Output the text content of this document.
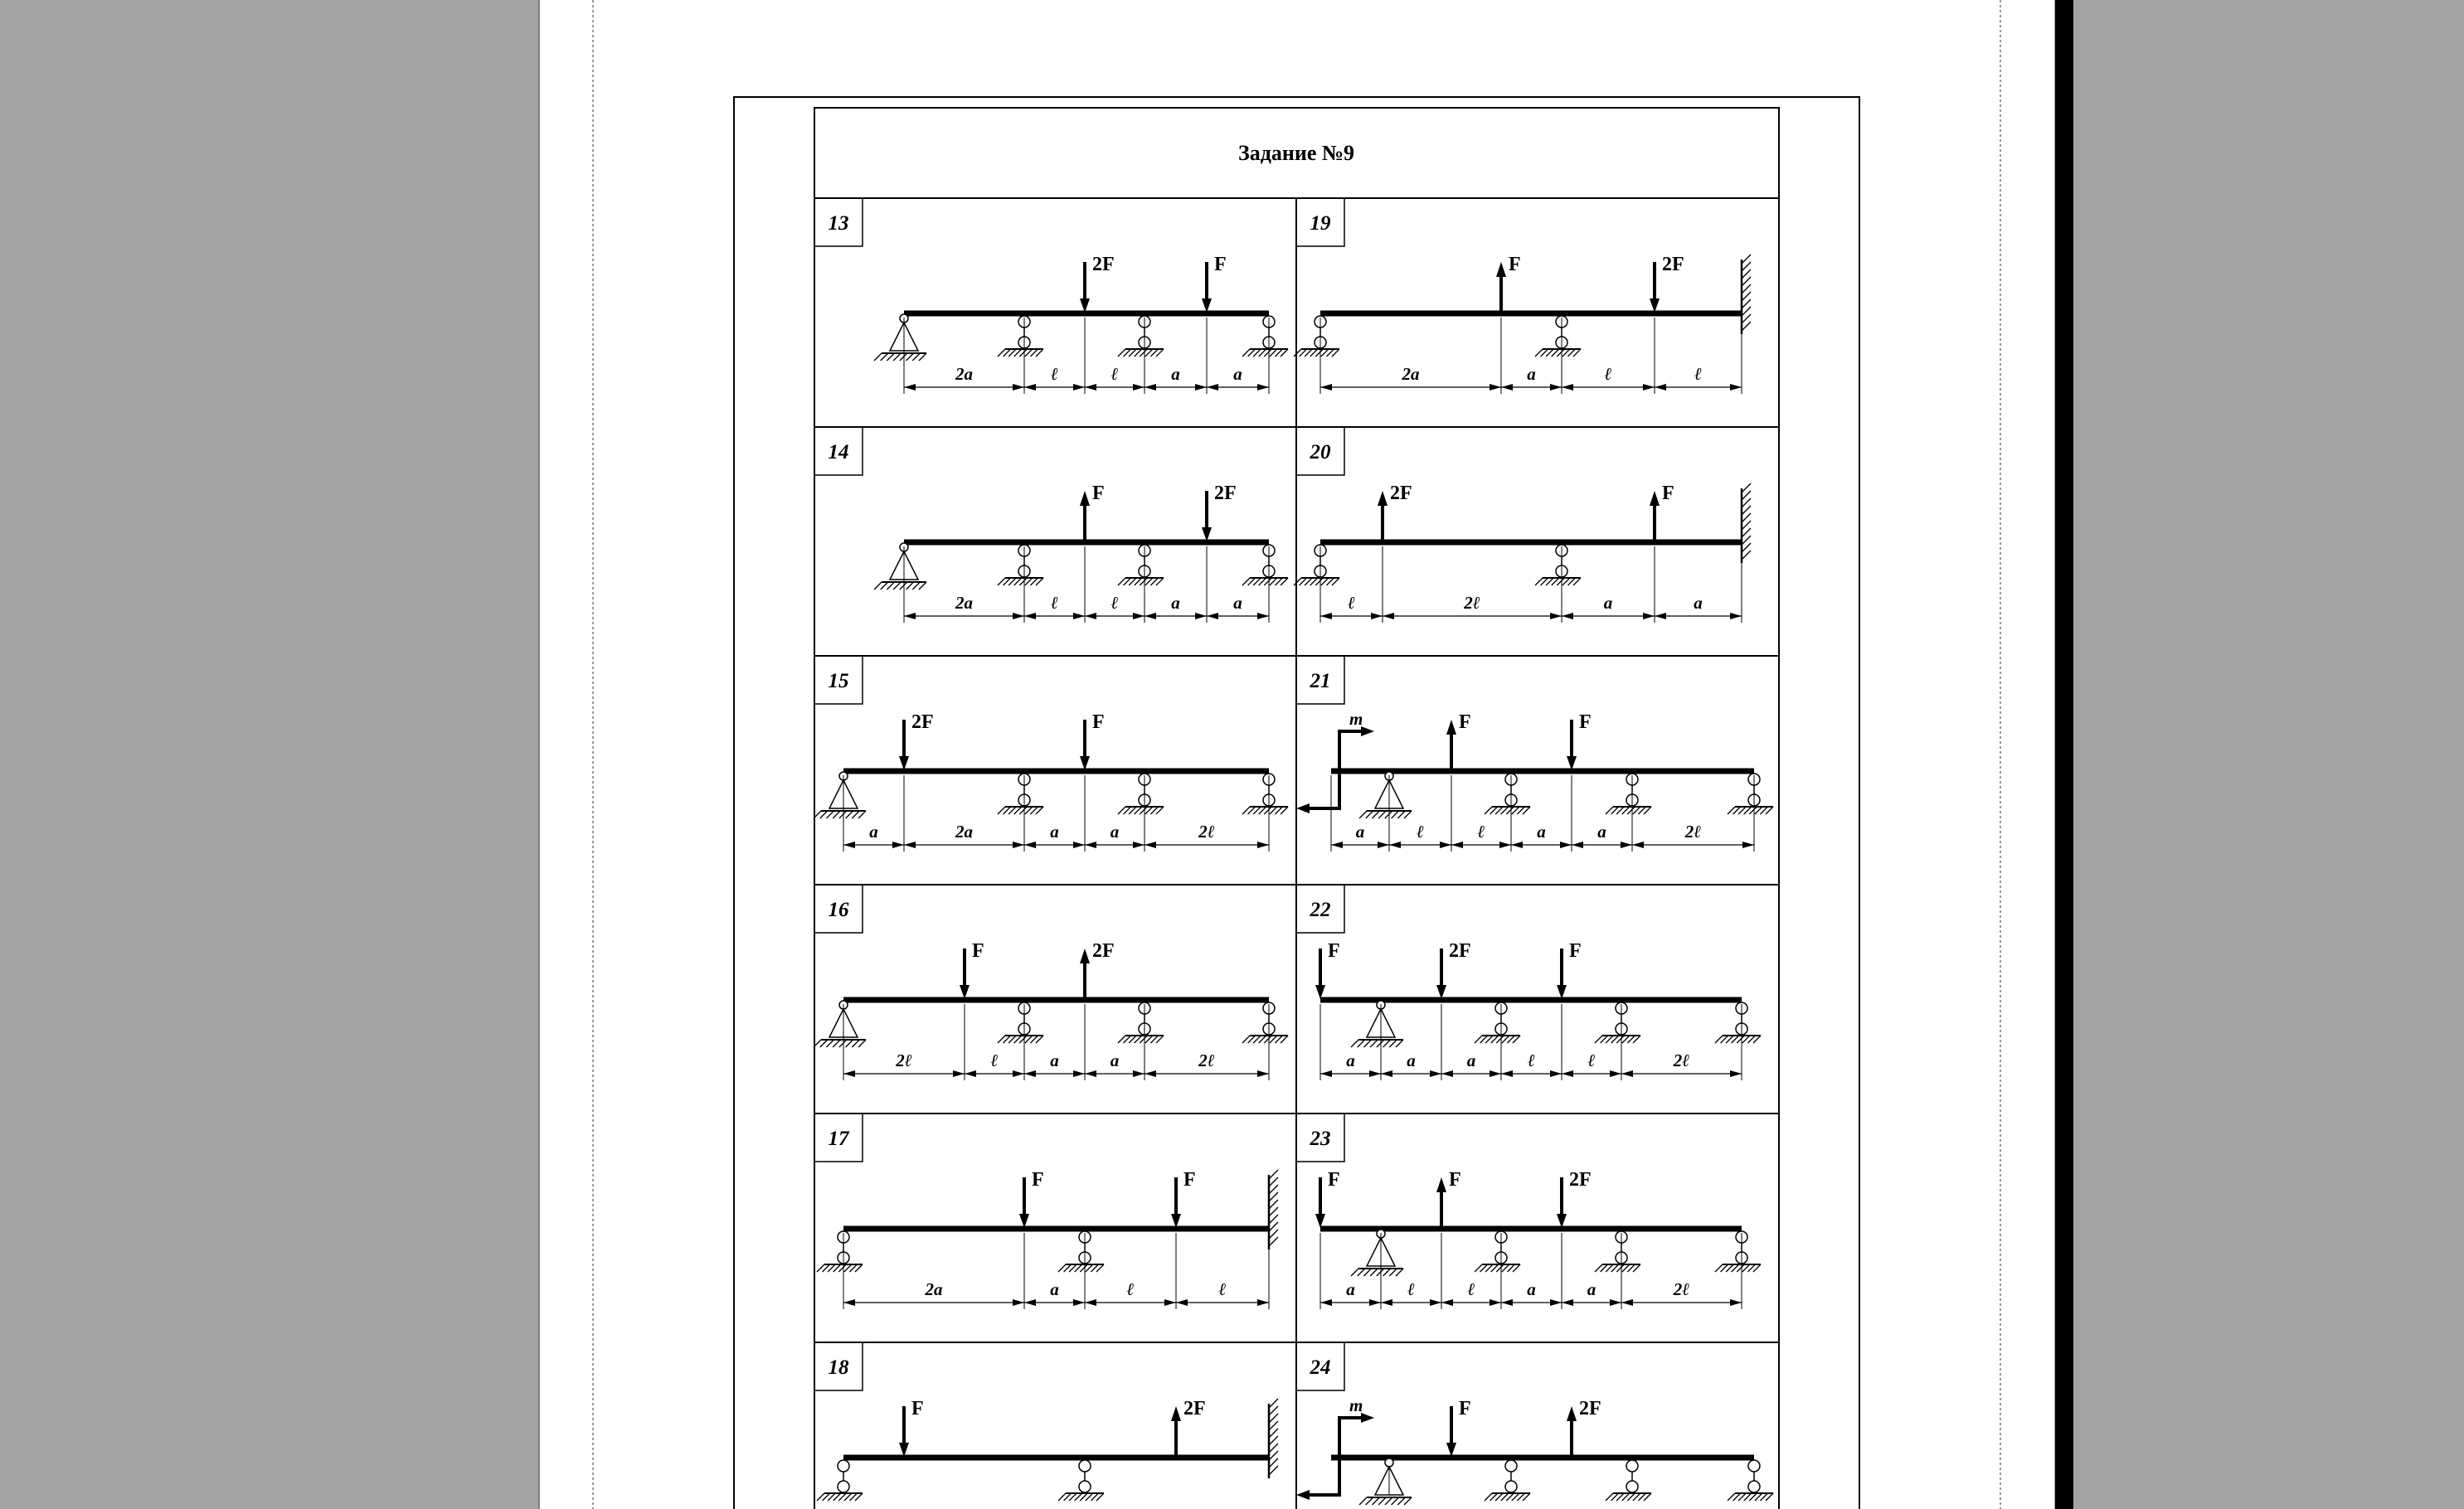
Задание №9
13
2F	F
2a	ℓ	ℓ	a	a
19
F	2F
2a	a	ℓ	ℓ
14
F	2F
2a	ℓ	ℓ	a	a
20
2F	F
ℓ	2ℓ	a	a
15
2F	F
a	2a	a	a	2ℓ
21
m	F	F
a	ℓ	ℓ	a	a	2ℓ
16
F	2F
2ℓ	ℓ	a	a	2ℓ
22
F	2F	F
a	a	a	ℓ	ℓ	2ℓ
17
F	F
2a	a	ℓ	ℓ
23
F	F	2F
a	ℓ	ℓ	a	a	2ℓ
18
F	2F
24
m	F	2F
